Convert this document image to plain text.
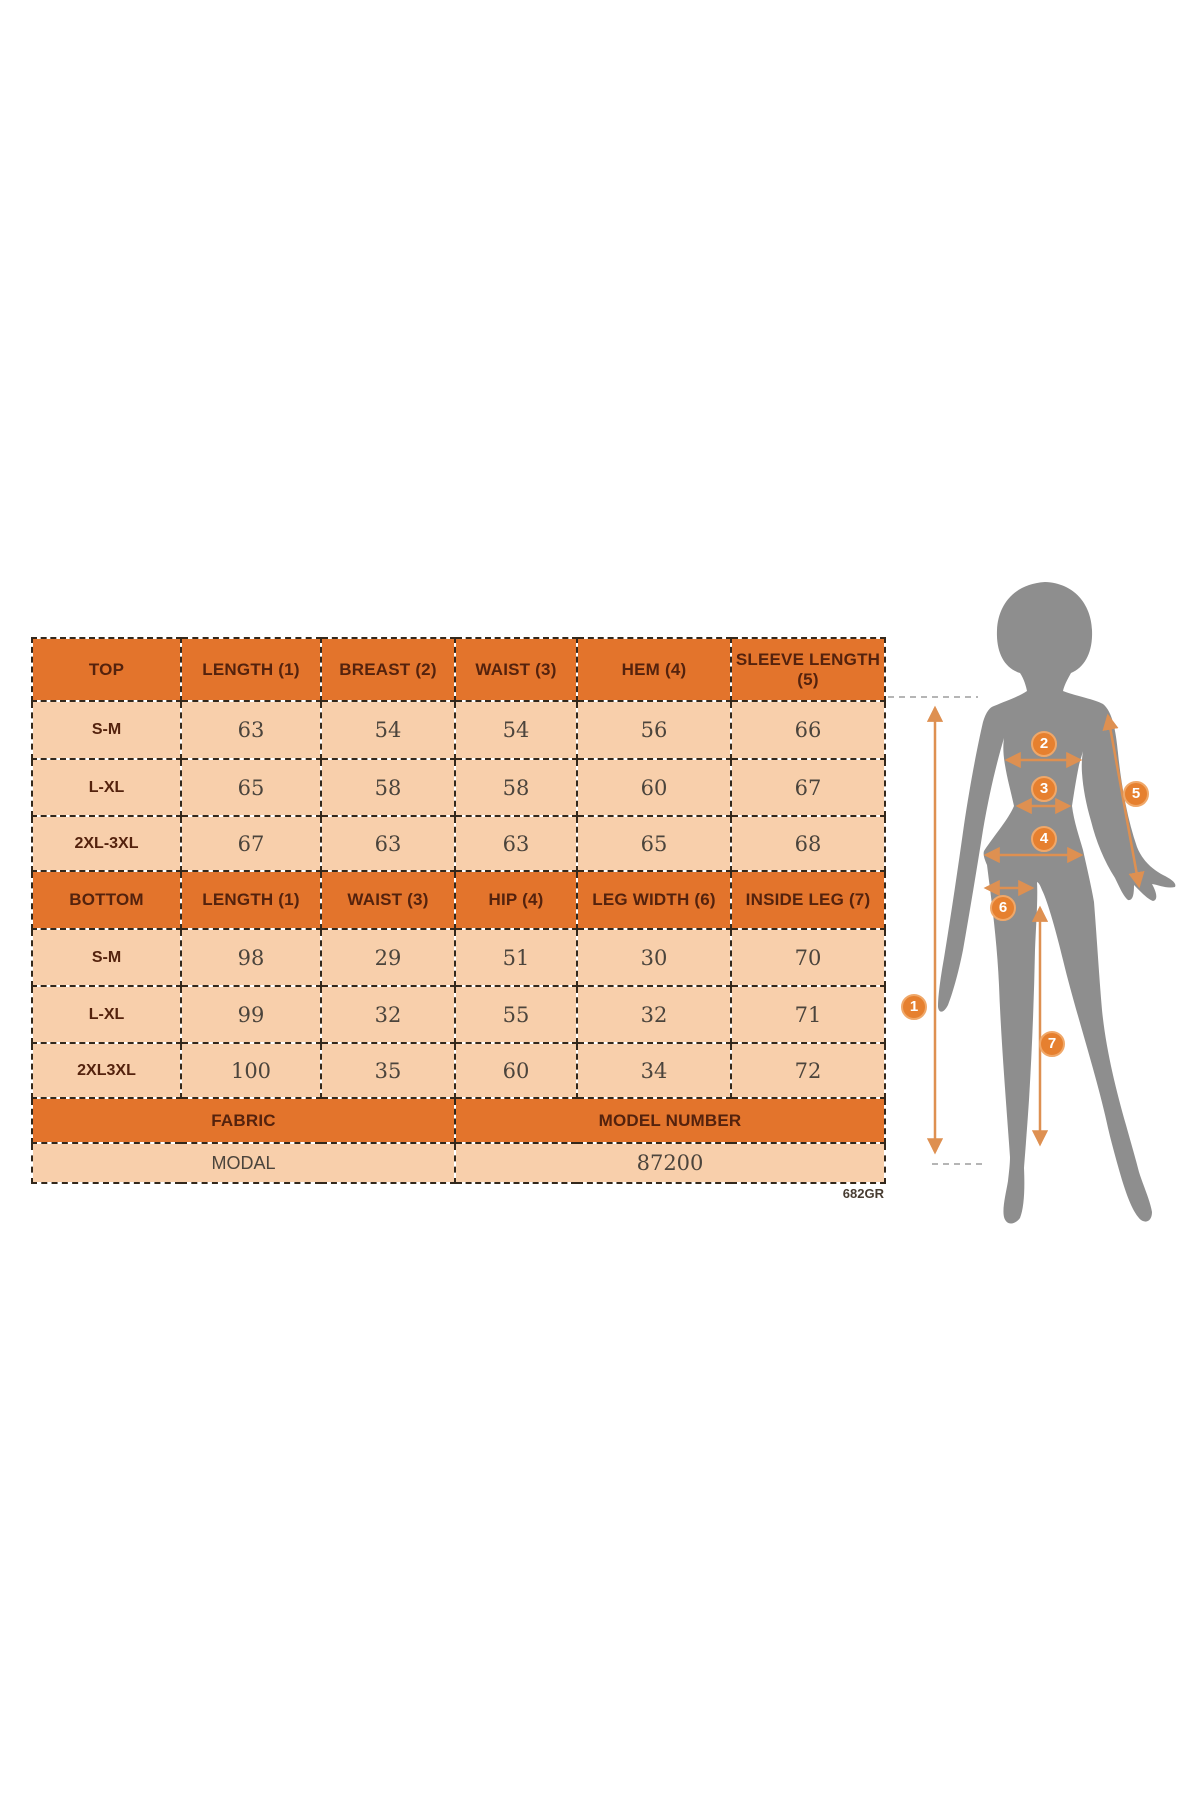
TOP	LENGTH (1)	BREAST (2)	WAIST (3)	HEM (4)	SLEEVE LENGTH (5)
S-M	63	54	54	56	66
L-XL	65	58	58	60	67
2XL-3XL	67	63	63	65	68
BOTTOM	LENGTH (1)	WAIST (3)	HIP (4)	LEG WIDTH (6)	INSIDE LEG (7)
S-M	98	29	51	30	70
L-XL	99	32	55	32	71
2XL3XL	100	35	60	34	72
FABRIC			MODEL NUMBER		
MODAL			87200		
682GR
1
2
3
4
5
6
7
